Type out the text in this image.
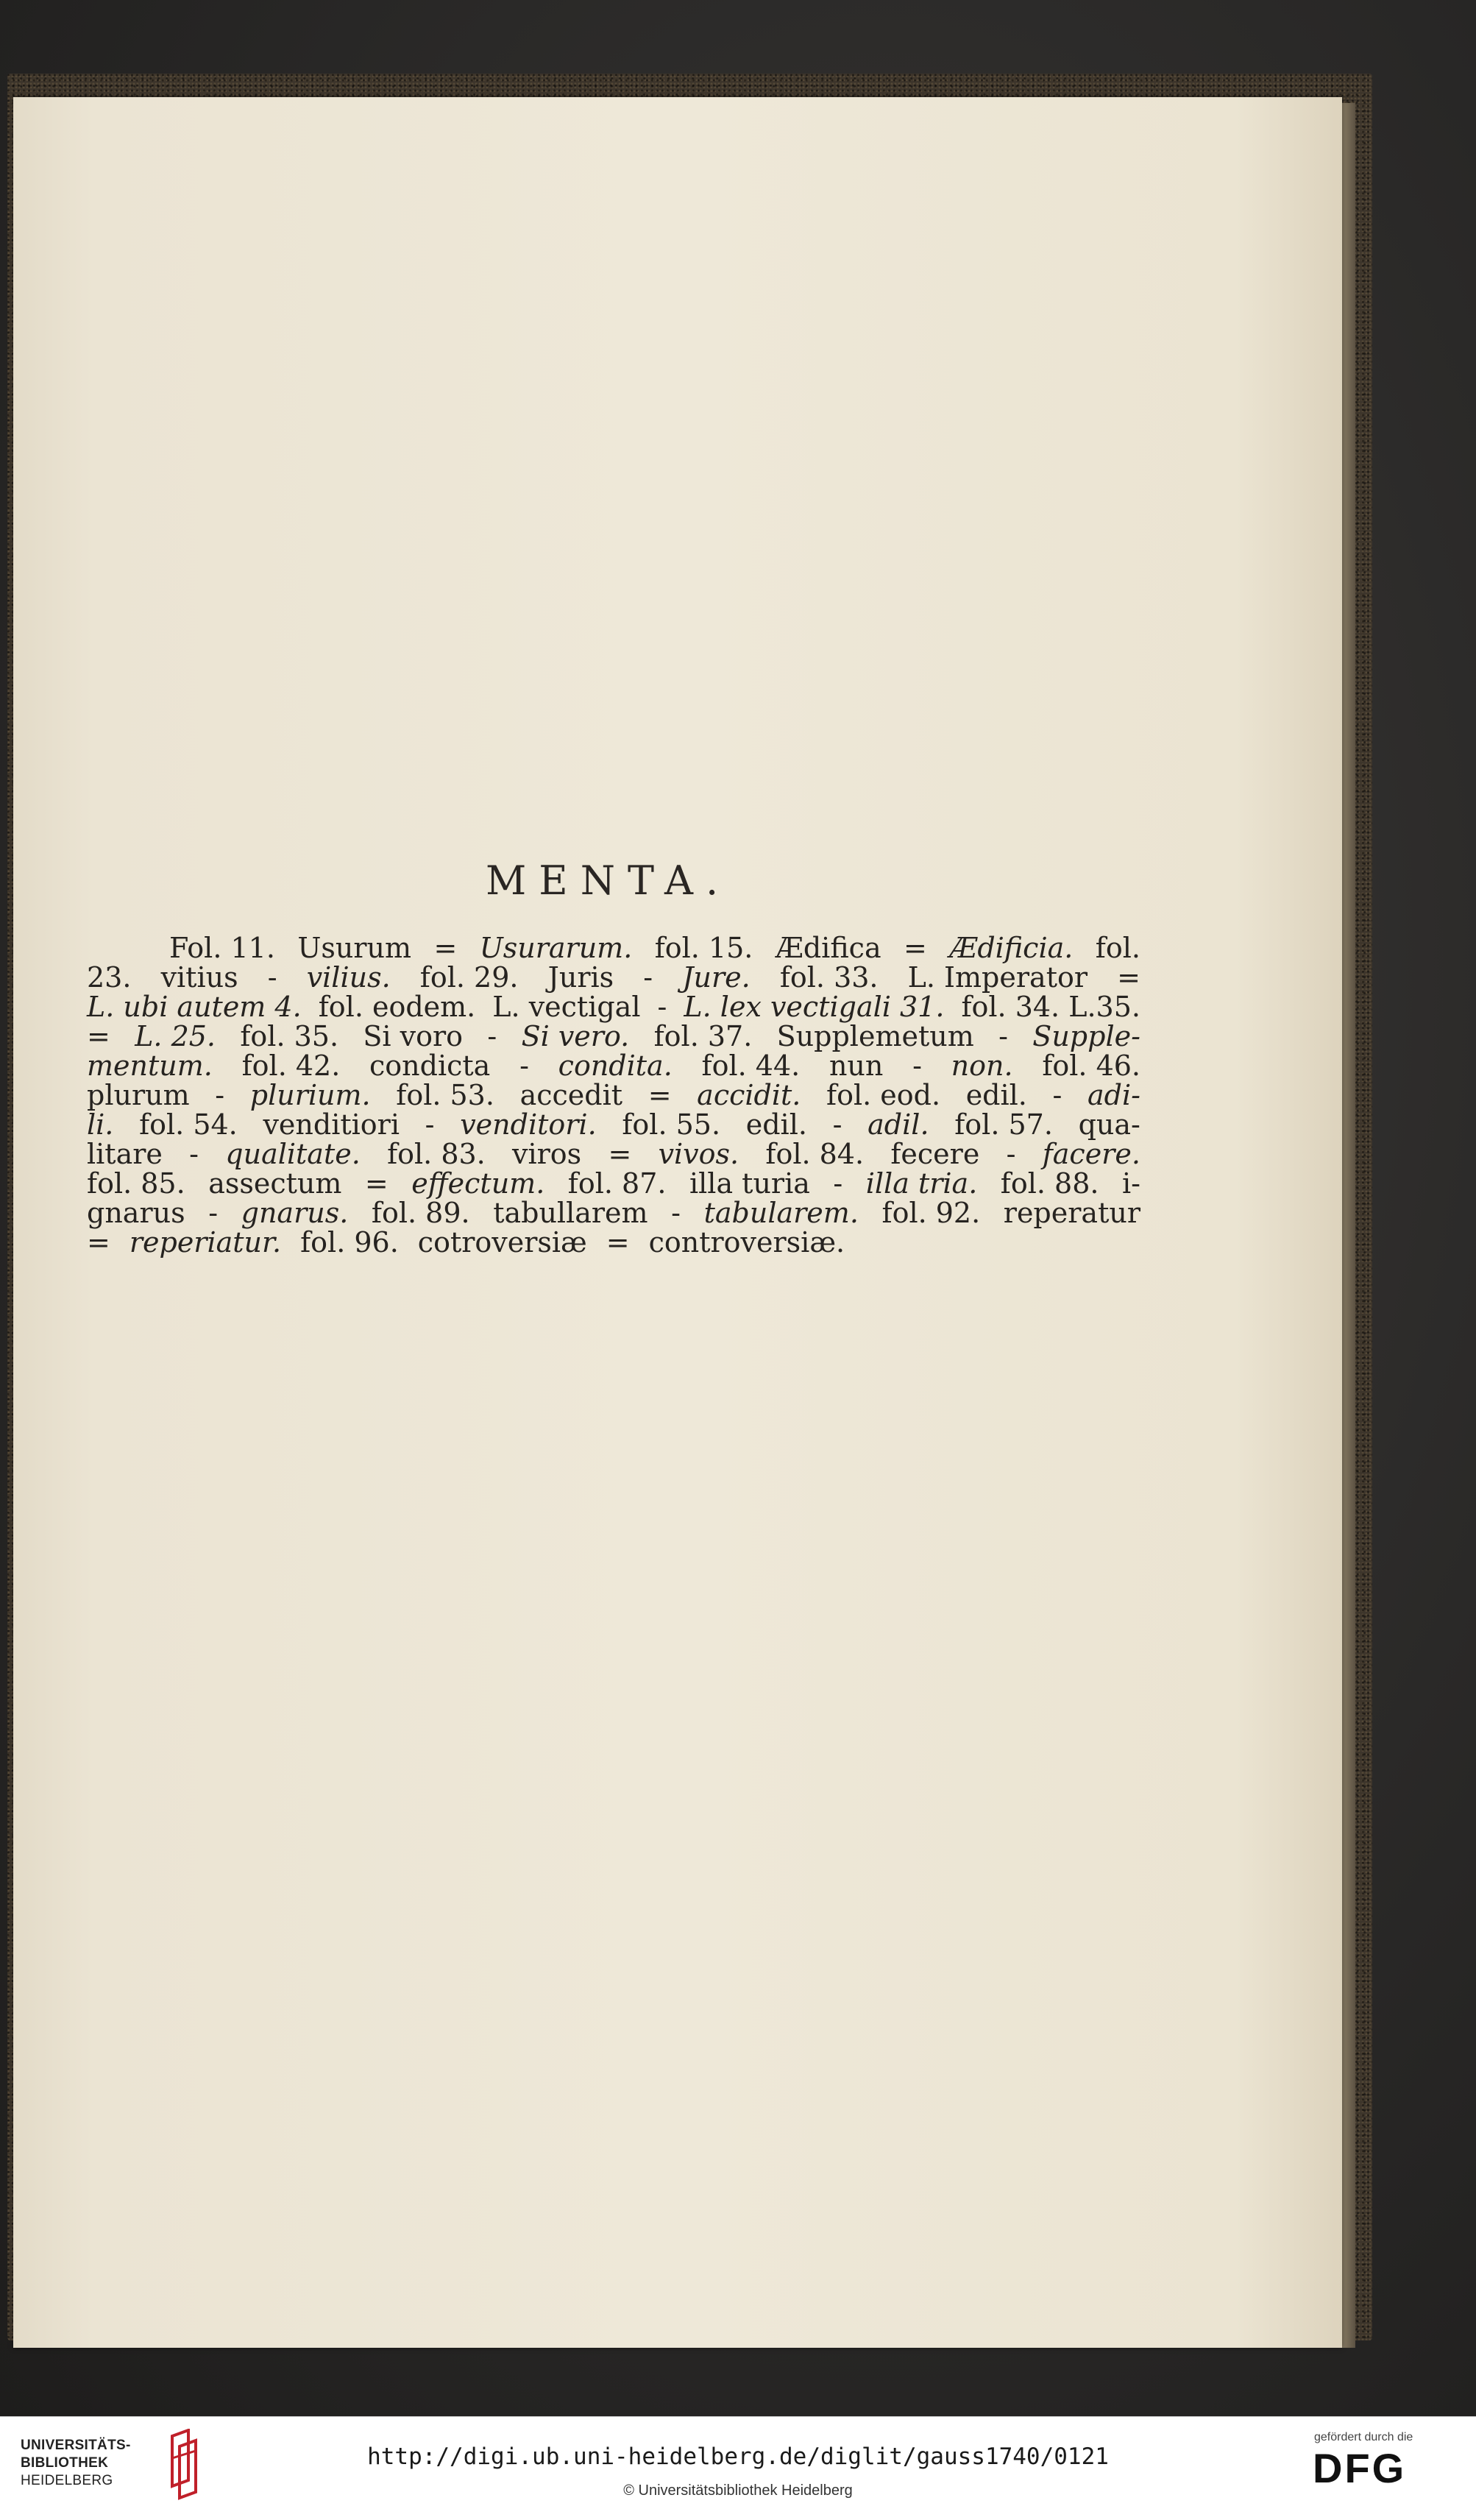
MENTA.
Fol. 11. Usurum = Usurarum. fol. 15. Ædifica = Ædificia. fol.
23. vitius - vilius. fol. 29. Juris - Jure. fol. 33. L. Imperator =
L. ubi autem 4. fol. eodem. L. vectigal - L. lex vectigali 31. fol. 34. L.35.
= L. 25. fol. 35. Si voro - Si vero. fol. 37. Supplemetum - Supple-
mentum. fol. 42. condicta - condita. fol. 44. nun - non. fol. 46.
plurum - plurium. fol. 53. accedit = accidit. fol. eod. edil. - adi-
li. fol. 54. venditiori - venditori. fol. 55. edil. - adil. fol. 57. qua-
litare - qualitate. fol. 83. viros = vivos. fol. 84. fecere - facere.
fol. 85. assectum = effectum. fol. 87. illa turia - illa tria. fol. 88. i-
gnarus - gnarus. fol. 89. tabullarem - tabularem. fol. 92. reperatur
= reperiatur. fol. 96. cotroversiæ = controversiæ.
UNIVERSITÄTS-
BIBLIOTHEK
HEIDELBERG
http://digi.ub.uni-heidelberg.de/diglit/gauss1740/0121
© Universitätsbibliothek Heidelberg
gefördert durch die
DFG
